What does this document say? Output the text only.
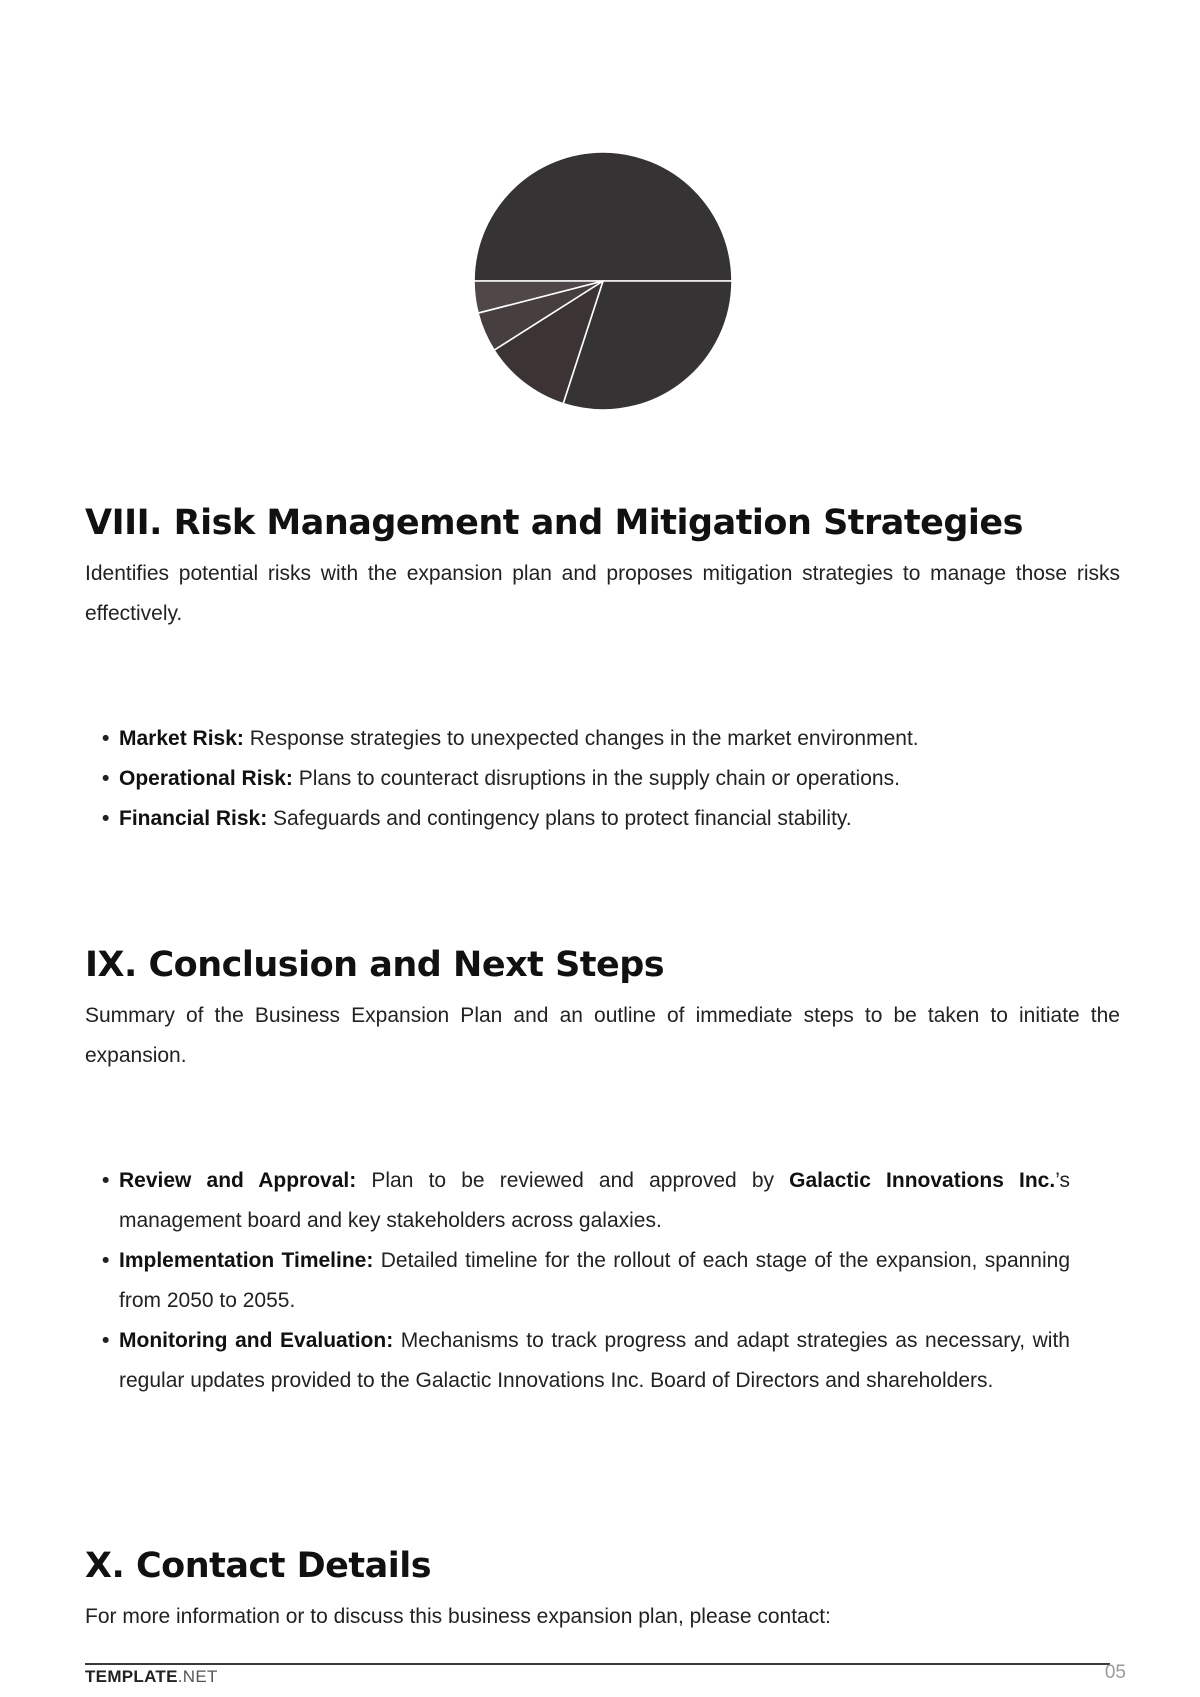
VIII. Risk Management and Mitigation Strategies

Identifies potential risks with the expansion plan and proposes mitigation strategies to manage those risks effectively.

• Market Risk: Response strategies to unexpected changes in the market environment.
• Operational Risk: Plans to counteract disruptions in the supply chain or operations.
• Financial Risk: Safeguards and contingency plans to protect financial stability.
IX. Conclusion and Next Steps

Summary of the Business Expansion Plan and an outline of immediate steps to be taken to initiate the expansion.

• Review and Approval: Plan to be reviewed and approved by Galactic Innovations Inc.’s management board and key stakeholders across galaxies.
• Implementation Timeline: Detailed timeline for the rollout of each stage of the expansion, spanning from 2050 to 2055.
• Monitoring and Evaluation: Mechanisms to track progress and adapt strategies as necessary, with regular updates provided to the Galactic Innovations Inc. Board of Directors and shareholders.
X. Contact Details

For more information or to discuss this business expansion plan, please contact:

TEMPLATE.NET	05
